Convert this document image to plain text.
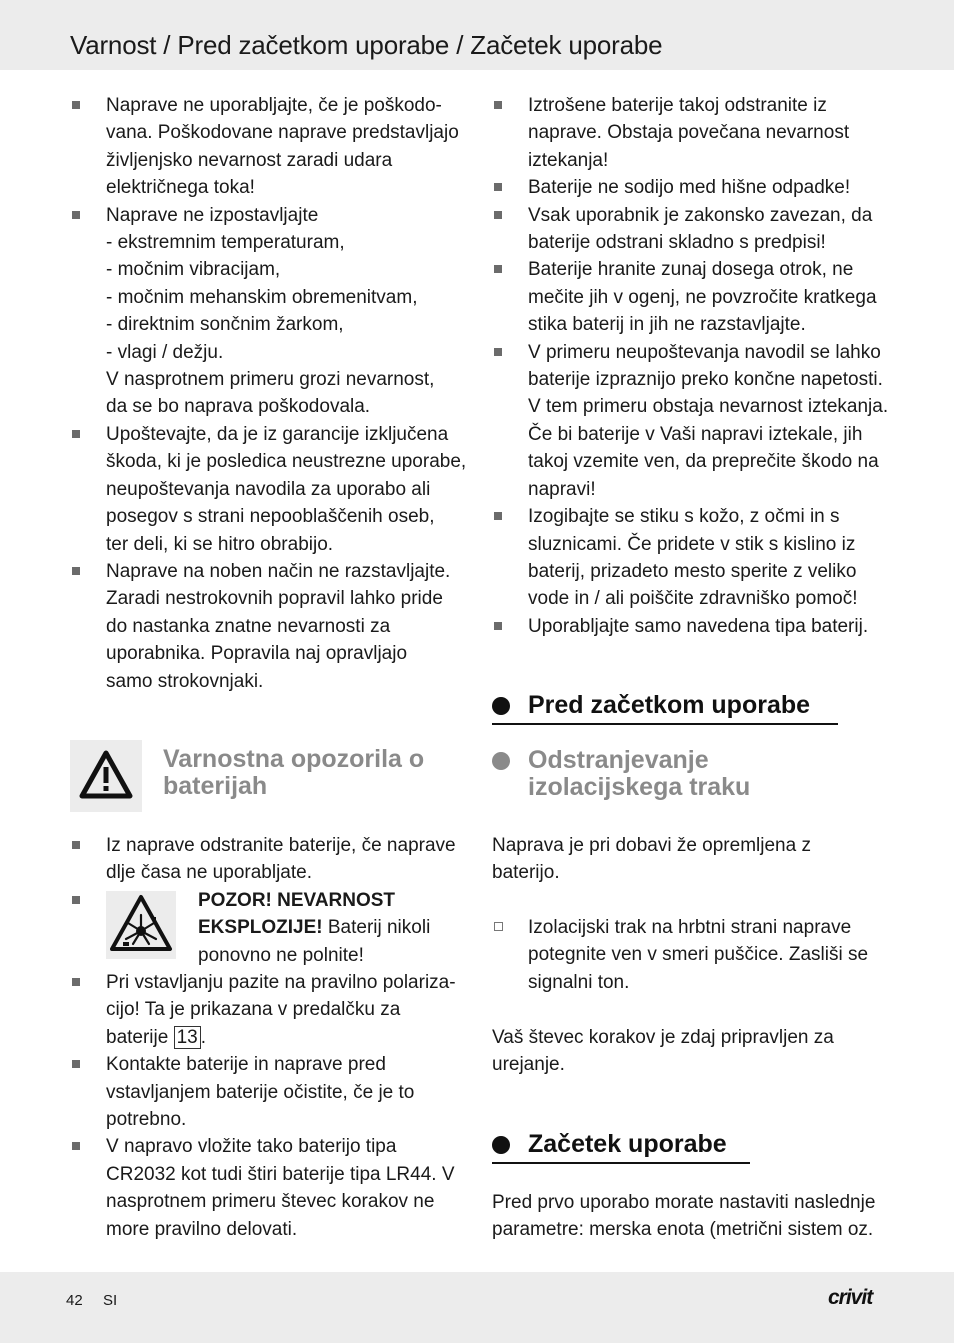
Varnost / Pred začetkom uporabe / Začetek uporabe
Naprave ne uporabljajte, če je poškodo-
vana. Poškodovane naprave predstavljajo
življenjsko nevarnost zaradi udara
električnega toka!
Naprave ne izpostavljajte
- ekstremnim temperaturam,
- močnim vibracijam,
- močnim mehanskim obremenitvam,
- direktnim sončnim žarkom,
- vlagi / dežju.
V nasprotnem primeru grozi nevarnost,
da se bo naprava poškodovala.
Upoštevajte, da je iz garancije izključena
škoda, ki je posledica neustrezne uporabe,
neupoštevanja navodila za uporabo ali
posegov s strani nepooblaščenih oseb,
ter deli, ki se hitro obrabijo.
Naprave na noben način ne razstavljajte.
Zaradi nestrokovnih popravil lahko pride
do nastanka znatne nevarnosti za
uporabnika. Popravila naj opravljajo
samo strokovnjaki.
Varnostna opozorila o
baterijah
Iz naprave odstranite baterije, če naprave
dlje časa ne uporabljate.
POZOR! NEVARNOST
EKSPLOZIJE! Baterij nikoli
ponovno ne polnite!
Pri vstavljanju pazite na pravilno polariza-
cijo! Ta je prikazana v predalčku za
baterije 13 .
Kontakte baterije in naprave pred
vstavljanjem baterije očistite, če je to
potrebno.
V napravo vložite tako baterijo tipa
CR2032 kot tudi štiri baterije tipa LR44. V
nasprotnem primeru števec korakov ne
more pravilno delovati.
Iztrošene baterije takoj odstranite iz
naprave. Obstaja povečana nevarnost
iztekanja!
Baterije ne sodijo med hišne odpadke!
Vsak uporabnik je zakonsko zavezan, da
baterije odstrani skladno s predpisi!
Baterije hranite zunaj dosega otrok, ne
mečite jih v ogenj, ne povzročite kratkega
stika baterij in jih ne razstavljajte.
V primeru neupoštevanja navodil se lahko
baterije izpraznijo preko končne napetosti.
V tem primeru obstaja nevarnost iztekanja.
Če bi baterije v Vaši napravi iztekale, jih
takoj vzemite ven, da preprečite škodo na
napravi!
Izogibajte se stiku s kožo, z očmi in s
sluznicami. Če pridete v stik s kislino iz
baterij, prizadeto mesto sperite z veliko
vode in / ali poiščite zdravniško pomoč!
Uporabljajte samo navedena tipa baterij.
Pred začetkom uporabe
Odstranjevanje
izolacijskega traku
Naprava je pri dobavi že opremljena z
baterijo.
Izolacijski trak na hrbtni strani naprave
potegnite ven v smeri puščice. Zasliši se
signalni ton.
Vaš števec korakov je zdaj pripravljen za
urejanje.
Začetek uporabe
Pred prvo uporabo morate nastaviti naslednje
parametre: merska enota (metrični sistem oz.
42 SI	crivit
